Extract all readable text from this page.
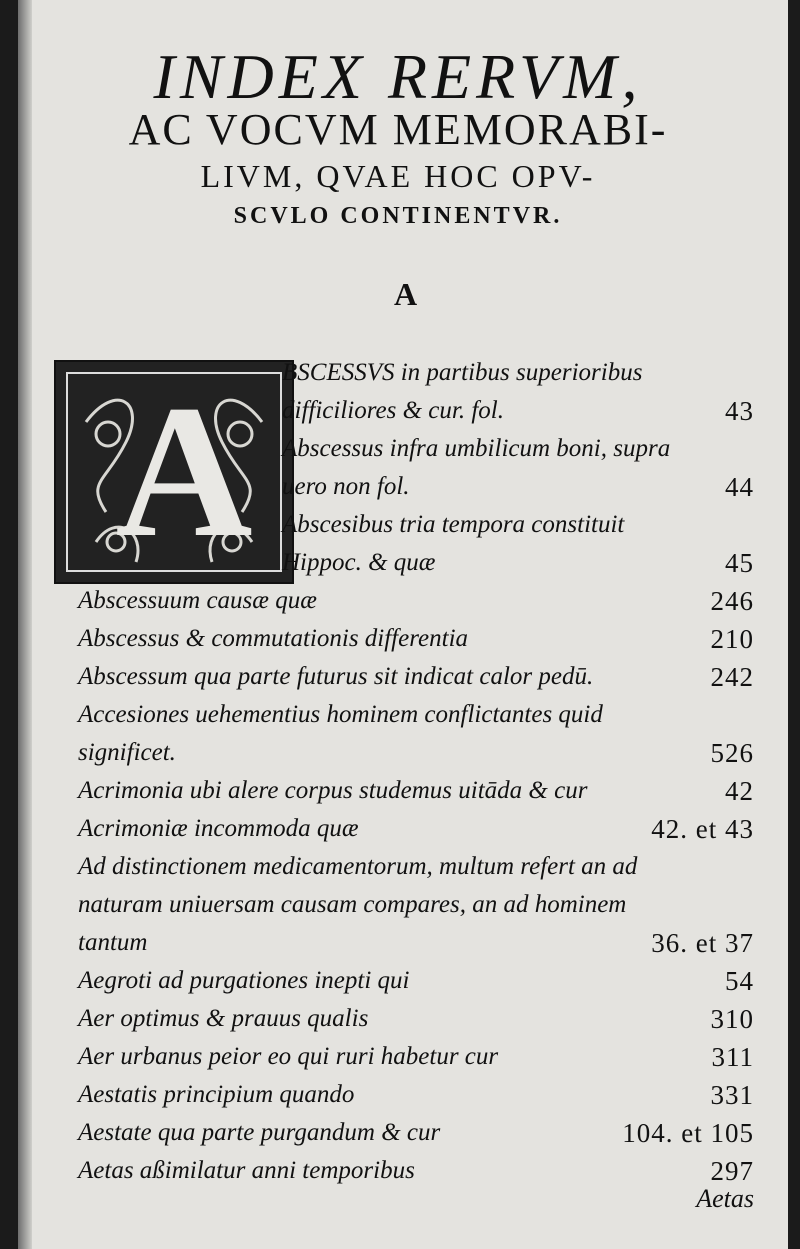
INDEX RERVM,
AC VOCVM MEMORABI-
LIVM, QVAE HOC OPV-
SCVLO CONTINENTVR.
A
A BSCESSVS in partibus superioribus difficiliores & cur. fol.	43
Abscessus infra umbilicum boni, supra uero non fol.	44
Abscesibus tria tempora constituit Hippoc. & quæ	45
Abscessuum causæ quæ	246
Abscessus & commutationis differentia	210
Abscessum qua parte futurus sit indicat calor pedū.	242
Accesiones uehementius hominem conflictantes quid significet.	526
Acrimonia ubi alere corpus studemus uitāda & cur	42
Acrimoniæ incommoda quæ	42. et 43
Ad distinctionem medicamentorum, multum refert an ad naturam uniuersam causam compares, an ad hominem tantum	36. et 37
Aegroti ad purgationes inepti qui	54
Aer optimus & prauus qualis	310
Aer urbanus peior eo qui ruri habetur cur	311
Aestatis principium quando	331
Aestate qua parte purgandum & cur	104. et 105
Aetas aßimilatur anni temporibus	297
Aetas
